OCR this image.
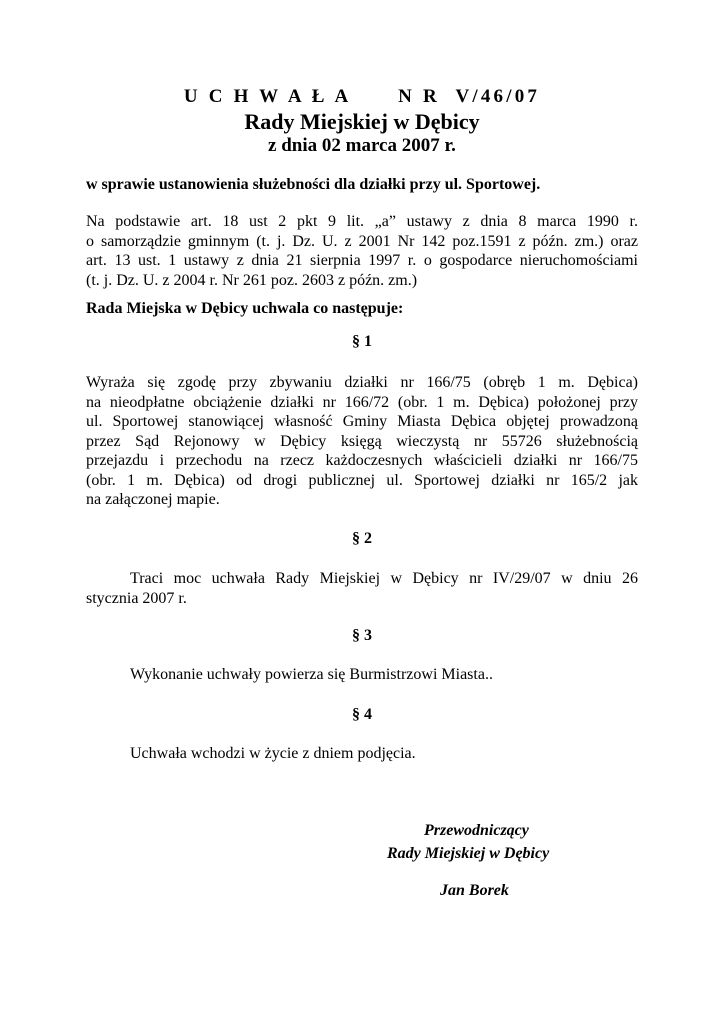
U C H W A Ł A      N R  V/46/07
Rady Miejskiej w Dębicy
z dnia 02 marca 2007 r.
w sprawie ustanowienia służebności dla działki przy ul. Sportowej.
Na podstawie art. 18 ust 2 pkt 9 lit. „a” ustawy z dnia 8 marca 1990 r.
o samorządzie gminnym (t. j. Dz. U. z 2001 Nr 142 poz.1591 z późn. zm.) oraz
art. 13 ust. 1 ustawy z dnia 21 sierpnia 1997 r. o gospodarce nieruchomościami
(t. j. Dz. U. z 2004 r. Nr 261 poz. 2603 z późn. zm.)
Rada Miejska w Dębicy uchwala co następuje:
§ 1
Wyraża się zgodę przy zbywaniu działki nr 166/75 (obręb 1 m. Dębica)
na nieodpłatne obciążenie działki nr 166/72 (obr. 1 m. Dębica) położonej przy
ul. Sportowej stanowiącej własność Gminy Miasta Dębica objętej prowadzoną
przez Sąd Rejonowy w Dębicy księgą wieczystą nr 55726 służebnością
przejazdu i przechodu na rzecz każdoczesnych właścicieli działki nr 166/75
(obr. 1 m. Dębica) od drogi publicznej ul. Sportowej działki nr 165/2 jak
na załączonej mapie.
§ 2
Traci moc uchwała Rady Miejskiej w Dębicy nr IV/29/07 w dniu 26
stycznia 2007 r.
§ 3
Wykonanie uchwały powierza się Burmistrzowi Miasta..
§ 4
Uchwała wchodzi w życie z dniem podjęcia.
Przewodniczący
Rady Miejskiej w Dębicy
Jan Borek
